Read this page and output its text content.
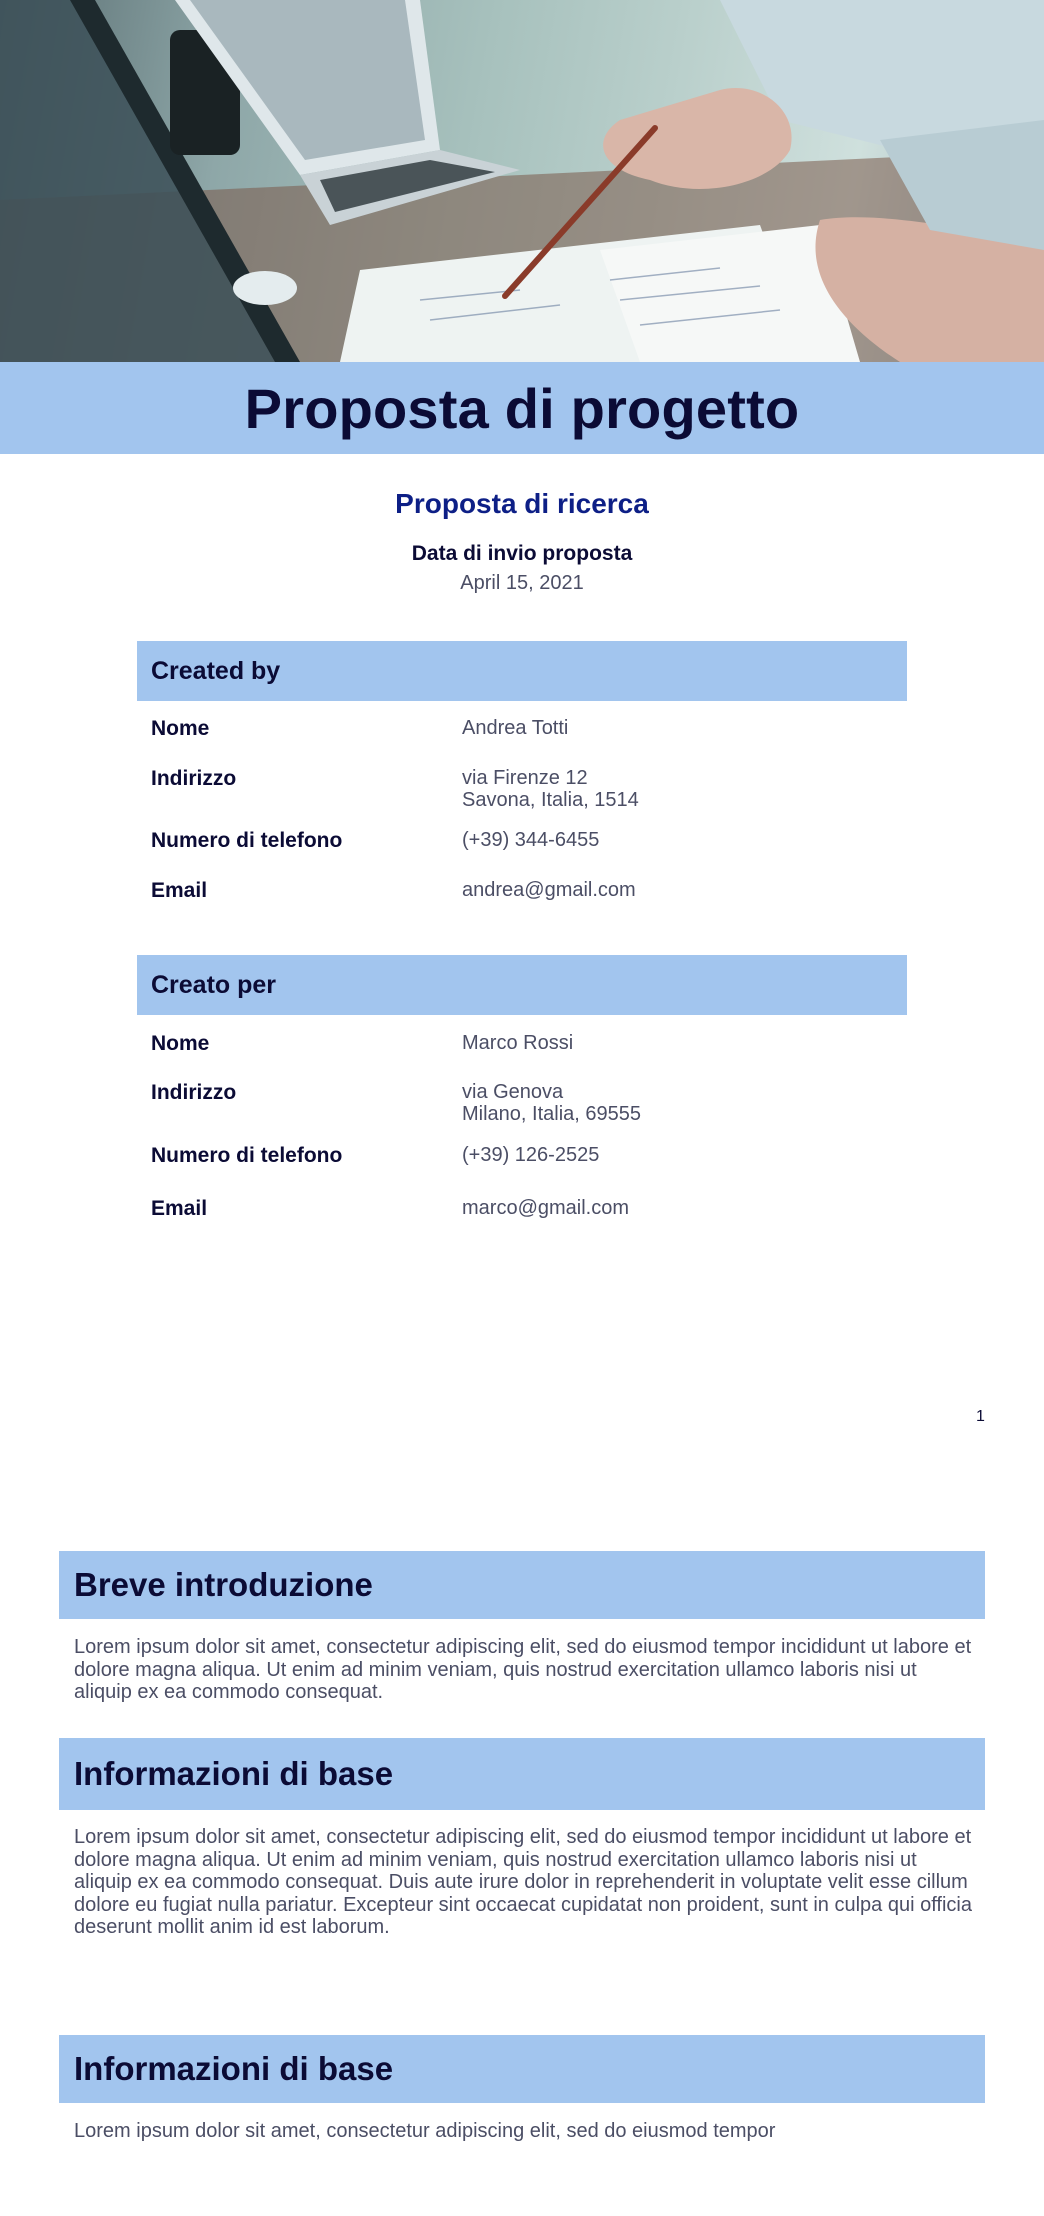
Proposta di progetto
Proposta di ricerca
Data di invio proposta
April 15, 2021
Created by
Nome	Andrea Totti
Indirizzo	via Firenze 12
Savona, Italia, 1514
Numero di telefono	(+39) 344-6455
Email	andrea@gmail.com
Creato per
Nome	Marco Rossi
Indirizzo	via Genova
Milano, Italia, 69555
Numero di telefono	(+39) 126-2525
Email	marco@gmail.com
1
Breve introduzione
Lorem ipsum dolor sit amet, consectetur adipiscing elit, sed do eiusmod tempor incididunt ut labore et dolore magna aliqua. Ut enim ad minim veniam, quis nostrud exercitation ullamco laboris nisi ut aliquip ex ea commodo consequat.
Informazioni di base
Lorem ipsum dolor sit amet, consectetur adipiscing elit, sed do eiusmod tempor incididunt ut labore et dolore magna aliqua. Ut enim ad minim veniam, quis nostrud exercitation ullamco laboris nisi ut aliquip ex ea commodo consequat. Duis aute irure dolor in reprehenderit in voluptate velit esse cillum dolore eu fugiat nulla pariatur. Excepteur sint occaecat cupidatat non proident, sunt in culpa qui officia deserunt mollit anim id est laborum.
Informazioni di base
Lorem ipsum dolor sit amet, consectetur adipiscing elit, sed do eiusmod tempor
